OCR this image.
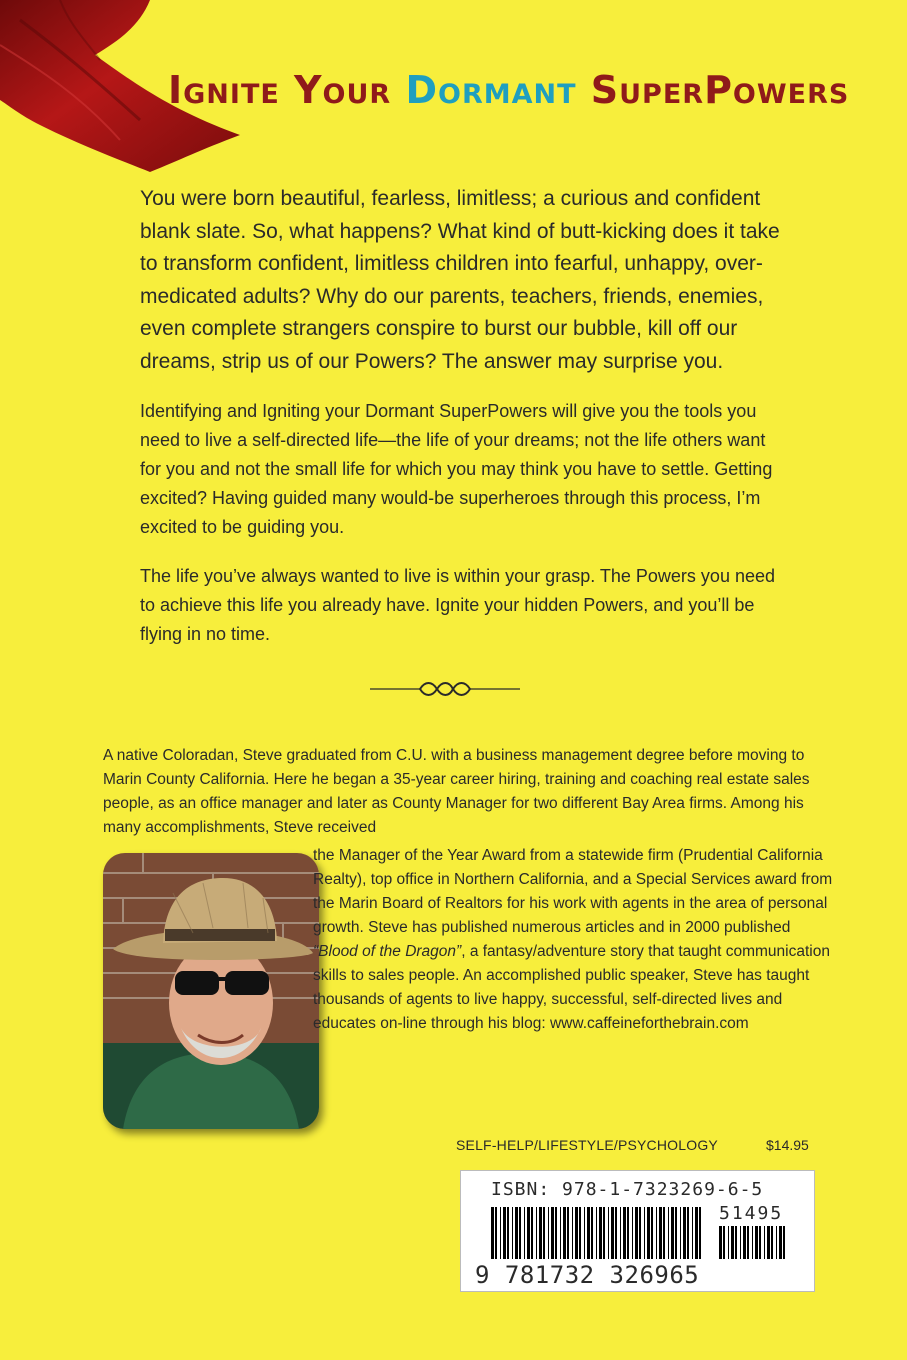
Ignite Your Dormant SuperPowers

You were born beautiful, fearless, limitless; a curious and confident blank slate. So, what happens? What kind of butt-kicking does it take to transform confident, limitless children into fearful, unhappy, over-medicated adults? Why do our parents, teachers, friends, enemies, even complete strangers conspire to burst our bubble, kill off our dreams, strip us of our Powers? The answer may surprise you.

Identifying and Igniting your Dormant SuperPowers will give you the tools you need to live a self-directed life—the life of your dreams; not the life others want for you and not the small life for which you may think you have to settle. Getting excited? Having guided many would-be superheroes through this process, I’m excited to be guiding you.

The life you’ve always wanted to live is within your grasp. The Powers you need to achieve this life you already have. Ignite your hidden Powers, and you’ll be flying in no time.

A native Coloradan, Steve graduated from C.U. with a business management degree before moving to Marin County California. Here he began a 35-year career hiring, training and coaching real estate sales people, as an office manager and later as County Manager for two different Bay Area firms. Among his many accomplishments, Steve received

the Manager of the Year Award from a statewide firm (Prudential California Realty), top office in Northern California, and a Special Services award from the Marin Board of Realtors for his work with agents in the area of personal growth. Steve has published numerous articles and in 2000 published “Blood of the Dragon”, a fantasy/adventure story that taught communication skills to sales people. An accomplished public speaker, Steve has taught thousands of agents to live happy, successful, self-directed lives and educates on-line through his blog: www.caffeineforthebrain.com

SELF-HELP/LIFESTYLE/PSYCHOLOGY	$14.95
ISBN: 978-1-7323269-6-5
51495
9 781732 326965
